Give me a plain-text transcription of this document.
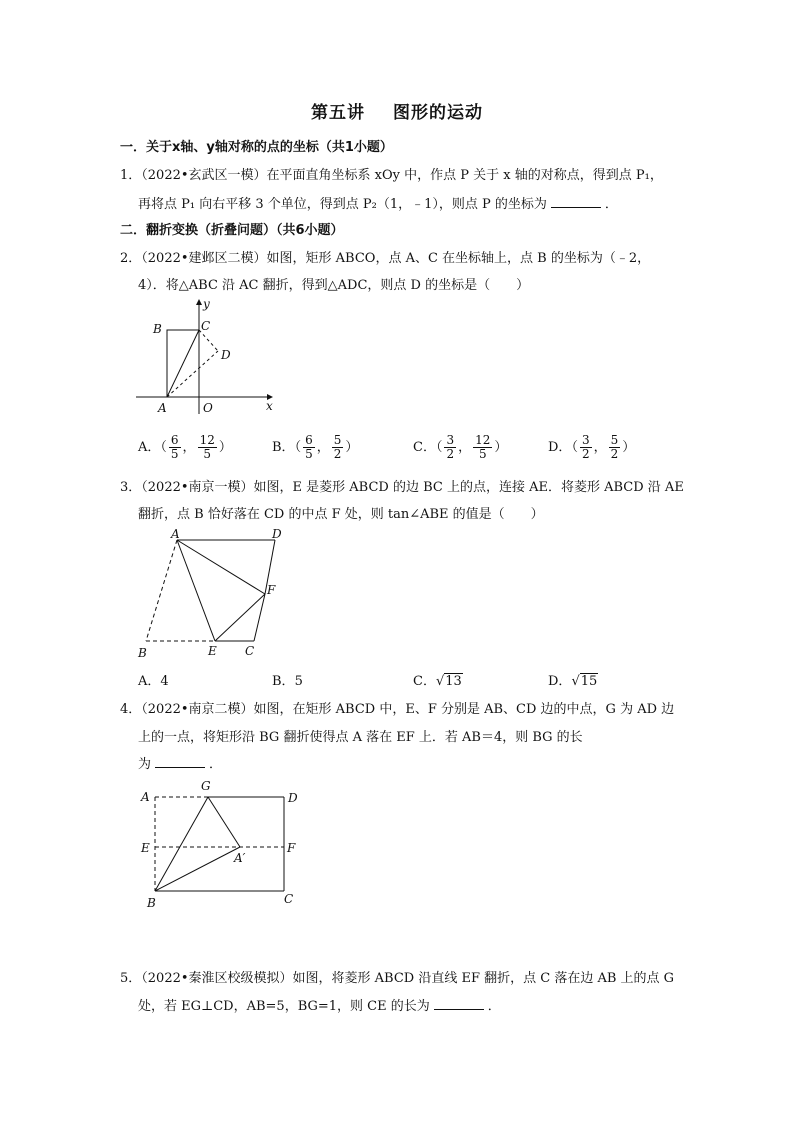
第五讲 图形的运动
一．关于x轴、y轴对称的点的坐标（共1小题）
1．（2022•玄武区一模）在平面直角坐标系 xOy 中，作点 P 关于 x 轴的对称点，得到点 P₁，
再将点 P₁ 向右平移 3 个单位，得到点 P₂（1，﹣1），则点 P 的坐标为	．
二．翻折变换（折叠问题）（共6小题）
2．（2022•建邺区二模）如图，矩形 ABCO，点 A、C 在坐标轴上，点 B 的坐标为（﹣2，
4）．将△ABC 沿 AC 翻折，得到△ADC，则点 D 的坐标是（　　）
B	C
D
A	O	x
y
A．（ $\frac{6}{5}$ ， $\frac{12}{5}$ ）	B．（ $\frac{6}{5}$ ， $\frac{5}{2}$ ）	C．（ $\frac{3}{2}$ ， $\frac{12}{5}$ ）	D．（ $\frac{3}{2}$ ， $\frac{5}{2}$ ）
3．（2022•南京一模）如图，E 是菱形 ABCD 的边 BC 上的点，连接 AE．将菱形 ABCD 沿 AE
翻折，点 B 恰好落在 CD 的中点 F 处，则 tan∠ABE 的值是（　　）
A	D
F
B	E C
A．4	B．5	C．√13	D．√15
4．（2022•南京二模）如图，在矩形 ABCD 中，E、F 分别是 AB、CD 边的中点，G 为 AD 边
上的一点，将矩形沿 BG 翻折使得点 A 落在 EF 上．若 AB＝4，则 BG 的长
为	．
A
G
D
E
A′
F
B	C
5．（2022•秦淮区校级模拟）如图，将菱形 ABCD 沿直线 EF 翻折，点 C 落在边 AB 上的点 G
处，若 EG⊥CD，AB=5，BG=1，则 CE 的长为	．
